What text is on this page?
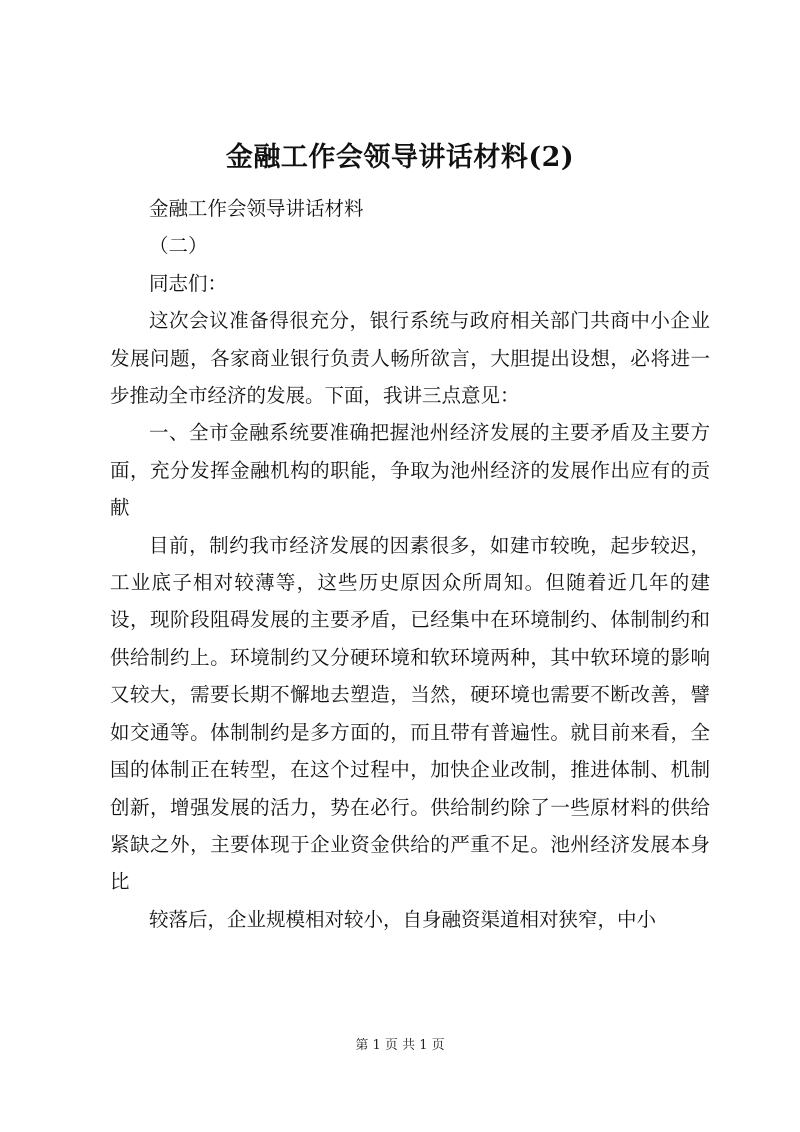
金融工作会领导讲话材料(2)

金融工作会领导讲话材料

（二）

同志们：

这次会议准备得很充分，银行系统与政府相关部门共商中小企业发展问题，各家商业银行负责人畅所欲言，大胆提出设想，必将进一步推动全市经济的发展。下面，我讲三点意见：

一、全市金融系统要准确把握池州经济发展的主要矛盾及主要方面，充分发挥金融机构的职能，争取为池州经济的发展作出应有的贡献

目前，制约我市经济发展的因素很多，如建市较晚，起步较迟，工业底子相对较薄等，这些历史原因众所周知。但随着近几年的建设，现阶段阻碍发展的主要矛盾，已经集中在环境制约、体制制约和供给制约上。环境制约又分硬环境和软环境两种，其中软环境的影响又较大，需要长期不懈地去塑造，当然，硬环境也需要不断改善，譬如交通等。体制制约是多方面的，而且带有普遍性。就目前来看，全国的体制正在转型，在这个过程中，加快企业改制，推进体制、机制创新，增强发展的活力，势在必行。供给制约除了一些原材料的供给紧缺之外，主要体现于企业资金供给的严重不足。池州经济发展本身比

较落后，企业规模相对较小，自身融资渠道相对狭窄，中小

第 1 页 共 1 页
